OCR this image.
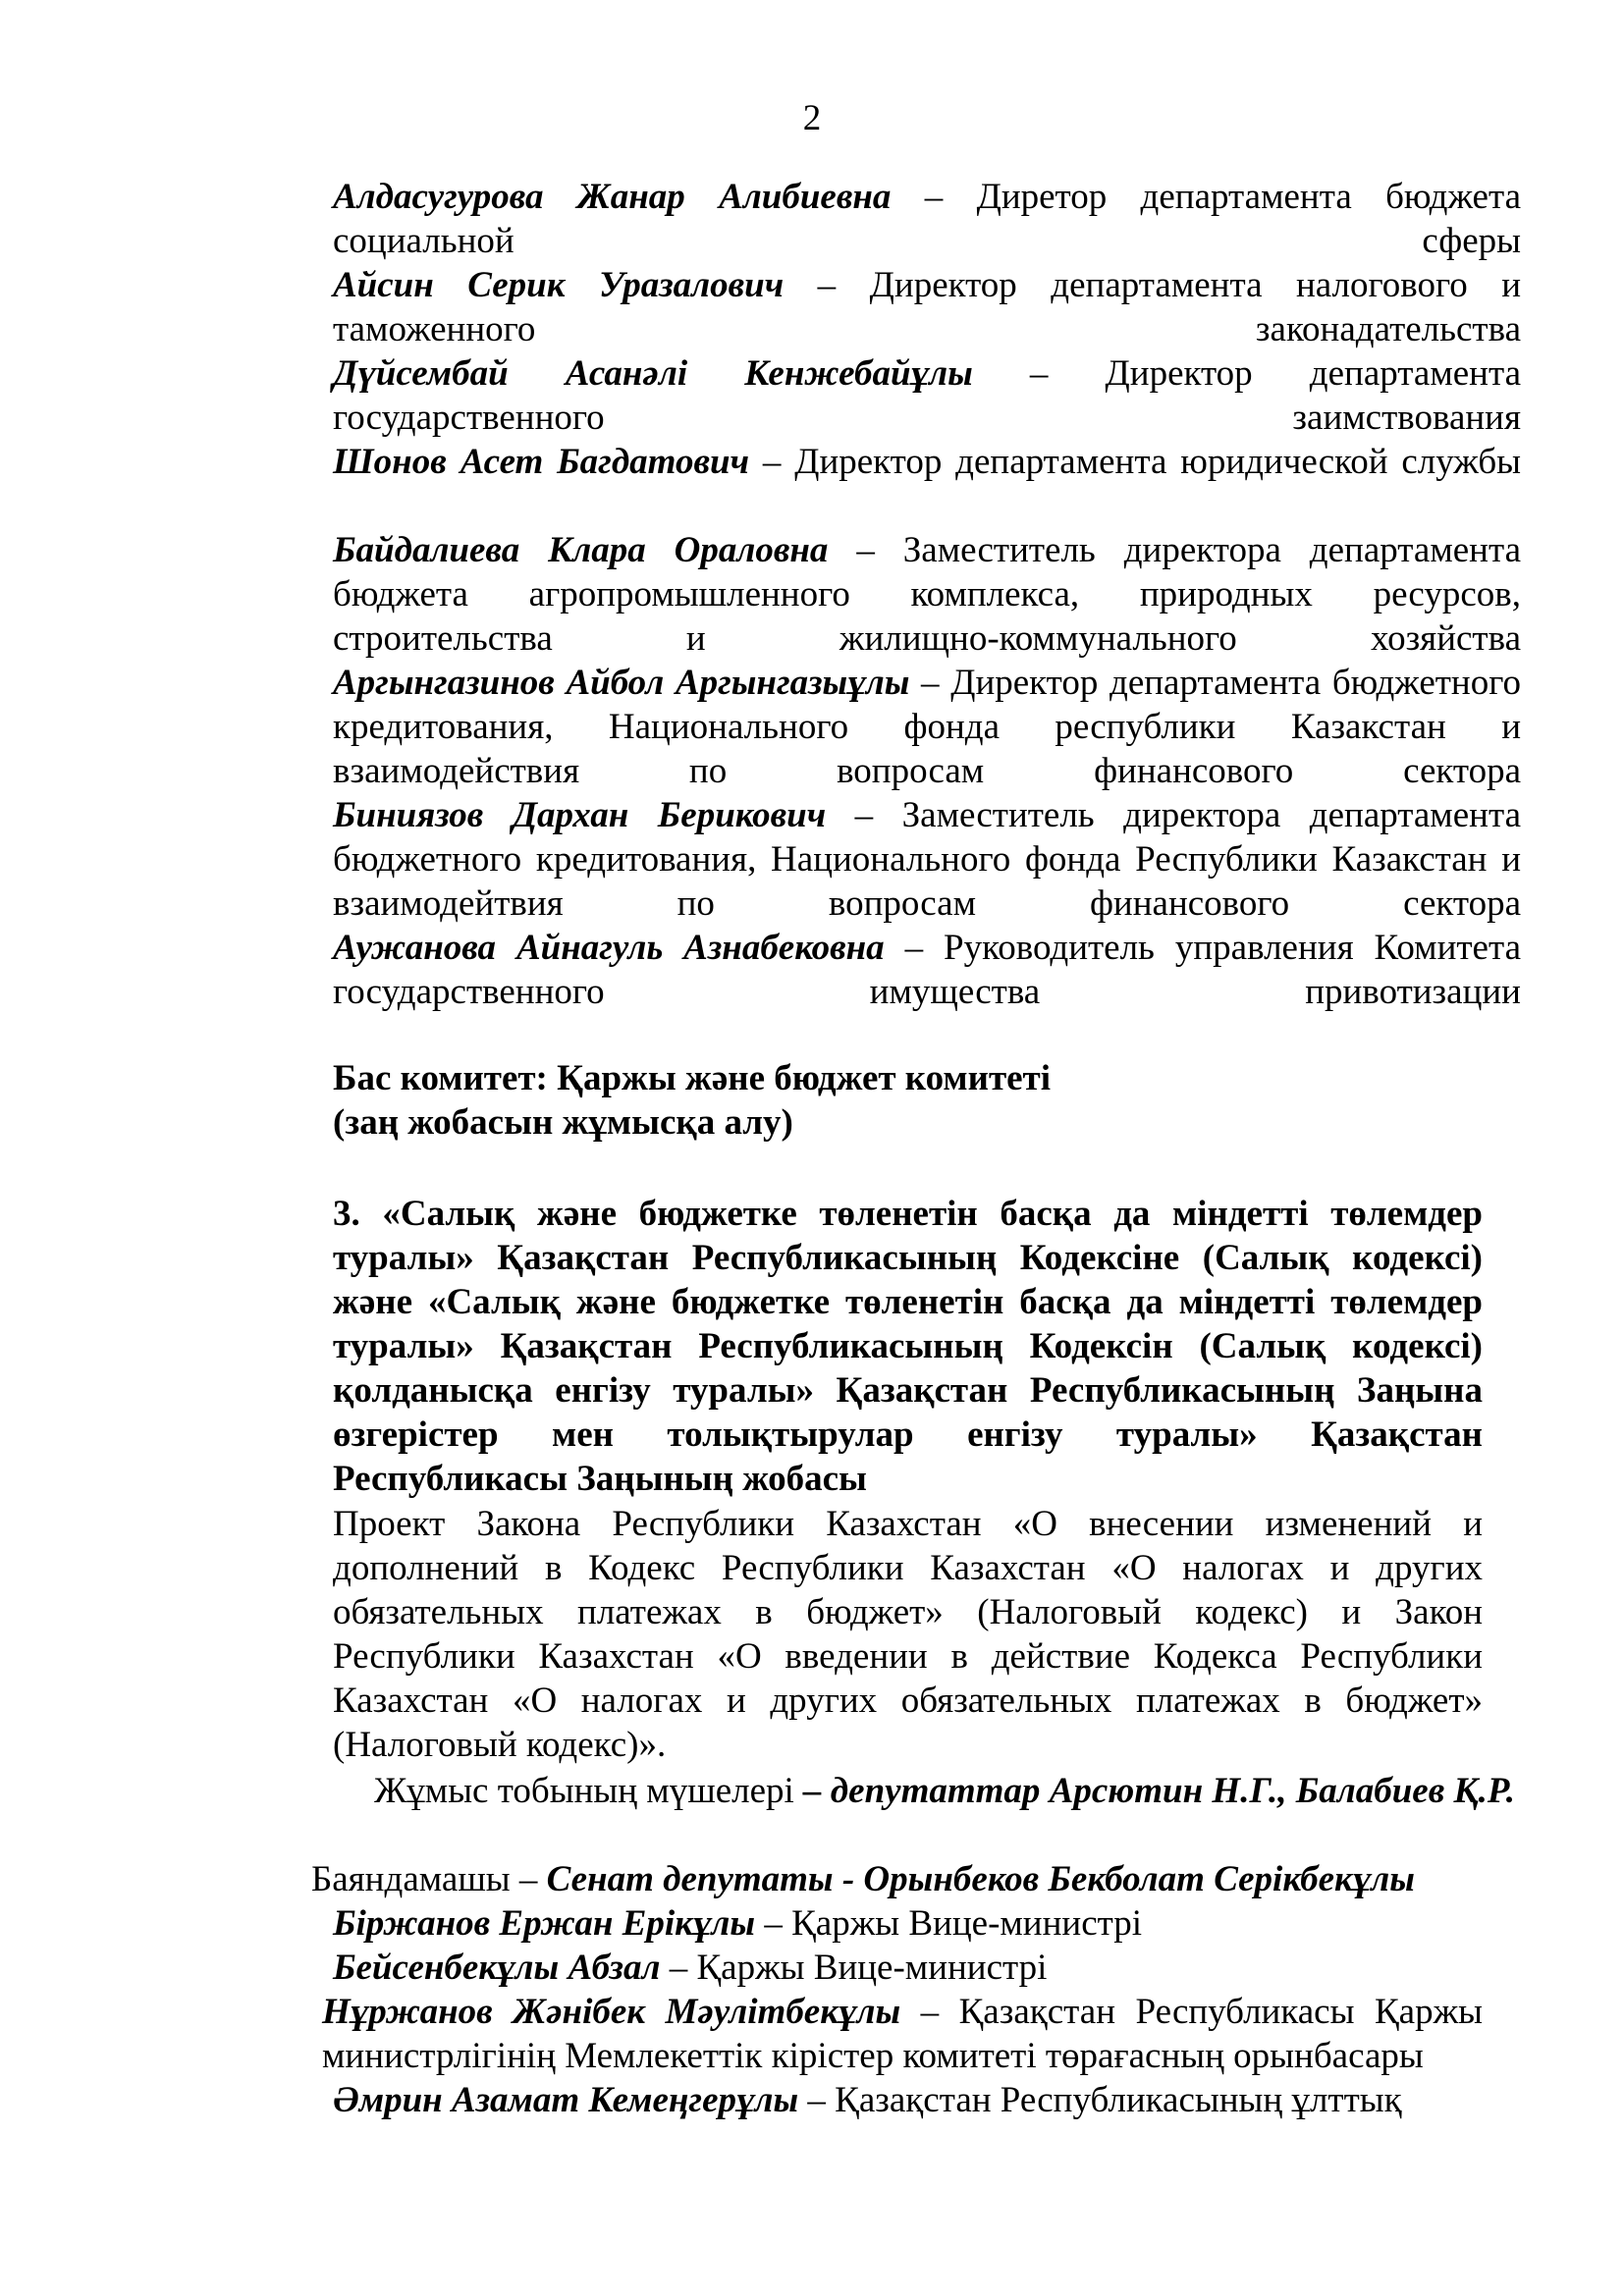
2
Алдасугурова Жанар Алибиевна – Диретор департамента бюджета социальной сферы
Айсин Серик Уразалович – Директор департамента налогового и таможенного законадательства
Дүйсембай Асанәлі Кенжебайұлы – Директор департамента государственного заимствования
Шонов Асет Багдатович – Директор департамента юридической службы
Байдалиева Клара Ораловна – Заместитель директора департамента бюджета агропромышленного комплекса, природных ресурсов, строительства и жилищно-коммунального хозяйства
Аргынгазинов Айбол Аргынгазыұлы – Директор департамента бюджетного кредитования, Национального фонда республики Казакстан и взаимодействия по вопросам финансового сектора
Биниязов Дархан Берикович – Заместитель директора департамента бюджетного кредитования, Национального фонда Республики Казакстан и взаимодейтвия по вопросам финансового сектора
Аужанова Айнагуль Азнабековна – Руководитель управления Комитета государственного имущества привотизации
Бас комитет: Қаржы және бюджет комитеті
(заң жобасын жұмысқа алу)
3. «Салық және бюджетке төленетін басқа да міндетті төлемдер туралы» Қазақстан Республикасының Кодексіне (Салық кодексі) және «Салық және бюджетке төленетін басқа да міндетті төлемдер туралы» Қазақстан Республикасының Кодексін (Салық кодексі) қолданысқа енгізу туралы» Қазақстан Республикасының Заңына өзгерістер мен толықтырулар енгізу туралы» Қазақстан Республикасы Заңының жобасы
Проект Закона Республики Казахстан «О внесении изменений и дополнений в Кодекс Республики Казахстан «О налогах и других обязательных платежах в бюджет» (Налоговый кодекс) и Закон Республики Казахстан «О введении в действие Кодекса Республики Казахстан «О налогах и других обязательных платежах в бюджет» (Налоговый кодекс)».
Жұмыс тобының мүшелері – депутаттар Арсютин Н.Г., Балабиев Қ.Р.
Баяндамашы – Сенат депутаты - Орынбеков Бекболат Серікбекұлы
Біржанов Ержан Ерікұлы – Қаржы Вице-министрі
Бейсенбекұлы Абзал – Қаржы Вице-министрі
Нұржанов Жәнібек Мәулітбекұлы – Қазақстан Республикасы Қаржы министрлігінің Мемлекеттік кірістер комитеті төрағасның орынбасары
Әмрин Азамат Кемеңгерұлы – Қазақстан Республикасының ұлттық
